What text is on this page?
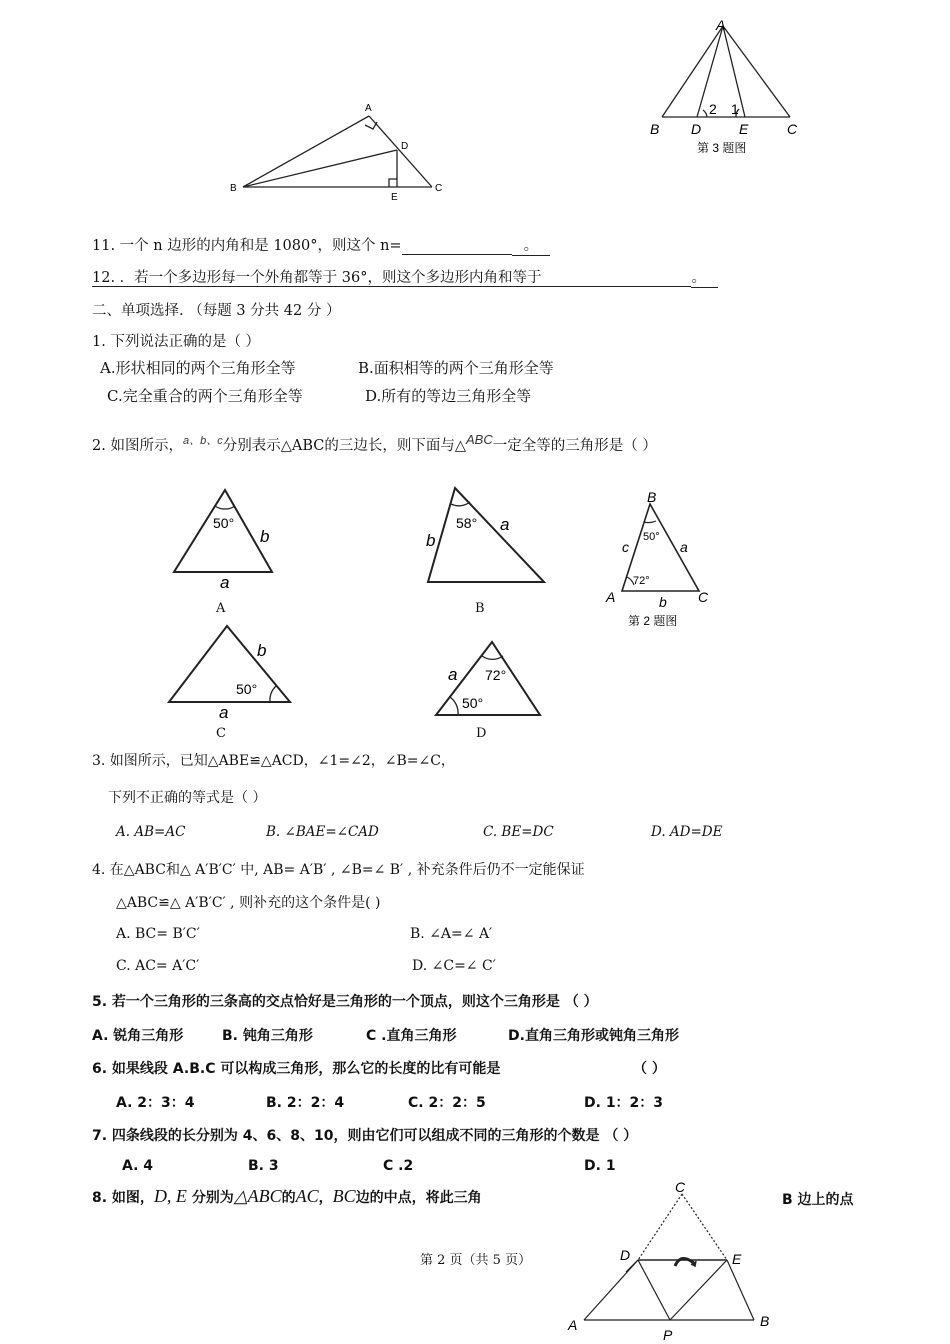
A
B	C
D
E
A
B D	E	C
2 1
第 3 题图
11. 一个 n 边形的内角和是 1080°，则这个 n=	。
12. ．若一个多边形每一个外角都等于 36°，则这个多边形内角和等于	。
二、单项选择. （每题 3 分共 42 分 ）
1. 下列说法正确的是（ ）
A.形状相同的两个三角形全等	B.面积相等的两个三角形全等
C.完全重合的两个三角形全等	D.所有的等边三角形全等
2. 如图所示，$^{a、b、c}$分别表示△ABC的三边长，则下面与△ABC一定全等的三角形是（ ）
50°
b
a
A
58°
b
a
B
B
A	C
c	a
b
50°
72°
第 2 题图
50°
b
a
C
72°
50°
a
D
3. 如图所示，已知△ABE≌△ACD，∠1=∠2，∠B=∠C，
下列不正确的等式是（ ）
A. AB=AC	B. ∠BAE=∠CAD	C. BE=DC	D. AD=DE
4. 在△ABC和△ A′B′C′ 中, AB= A′B′ , ∠B=∠ B′ , 补充条件后仍不一定能保证
△ABC≌△ A′B′C′ , 则补充的这个条件是( )
A. BC= B′C′	B. ∠A=∠ A′
C. AC= A′C′	D. ∠C=∠ C′
5. 若一个三角形的三条高的交点恰好是三角形的一个顶点，则这个三角形是 （ ）
A. 锐角三角形	B. 钝角三角形	C .直角三角形	D.直角三角形或钝角三角形
6. 如果线段 A.B.C 可以构成三角形，那么它的长度的比有可能是	（ ）
A. 2：3：4	B. 2：2：4	C. 2：2：5	D. 1：2：3
7. 四条线段的长分别为 4、6、8、10，则由它们可以组成不同的三角形的个数是 （ ）
A. 4	B. 3	C .2	D. 1
8. 如图，D, E 分别为△ABC的AC，BC边的中点，将此三角
C
D	E
A	B
P
B 边上的点
第 2 页（共 5 页）
